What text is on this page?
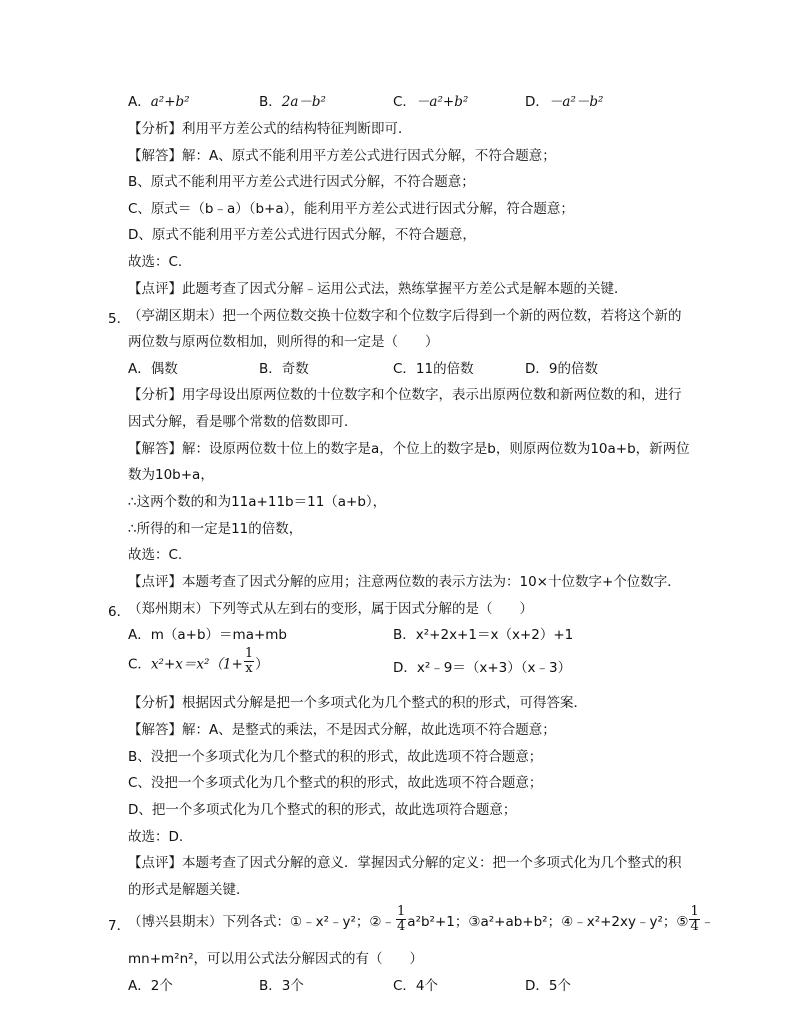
A．a²+b²	B．2a－b²	C．－a²+b²	D．－a²－b²
【分析】利用平方差公式的结构特征判断即可．
【解答】解：A、原式不能利用平方差公式进行因式分解，不符合题意；
B、原式不能利用平方差公式进行因式分解，不符合题意；
C、原式＝（b﹣a）（b+a），能利用平方差公式进行因式分解，符合题意；
D、原式不能利用平方差公式进行因式分解，不符合题意，
故选：C.
【点评】此题考查了因式分解﹣运用公式法，熟练掌握平方差公式是解本题的关键．
5．
（亭湖区期末）把一个两位数交换十位数字和个位数字后得到一个新的两位数，若将这个新的
两位数与原两位数相加，则所得的和一定是（　　）
A．偶数	B．奇数	C．11的倍数	D．9的倍数
【分析】用字母设出原两位数的十位数字和个位数字，表示出原两位数和新两位数的和，进行
因式分解，看是哪个常数的倍数即可．
【解答】解：设原两位数十位上的数字是a，个位上的数字是b，则原两位数为10a+b，新两位
数为10b+a，
∴这两个数的和为11a+11b＝11（a+b），
∴所得的和一定是11的倍数，
故选：C.
【点评】本题考查了因式分解的应用；注意两位数的表示方法为：10×十位数字+个位数字．
6．
（郑州期末）下列等式从左到右的变形，属于因式分解的是（　　）
A．m（a+b）＝ma+mb	B．x²+2x+1＝x（x+2）+1
C．$x^2+x=x^2(1+ \frac{1}{x}$ ）	D．x²﹣9＝（x+3）（x﹣3）
【分析】根据因式分解是把一个多项式化为几个整式的积的形式，可得答案．
【解答】解：A、是整式的乘法，不是因式分解，故此选项不符合题意；
B、没把一个多项式化为几个整式的积的形式，故此选项不符合题意；
C、没把一个多项式化为几个整式的积的形式，故此选项不符合题意；
D、把一个多项式化为几个整式的积的形式，故此选项符合题意；
故选：D.
【点评】本题考查了因式分解的意义．掌握因式分解的定义：把一个多项式化为几个整式的积
的形式是解题关键．
7．
（博兴县期末）下列各式：①﹣x²﹣y²；②﹣ $\frac{1}{4} a^2b^2+1$；③a²+ab+b²；④﹣x²+2xy﹣y²；⑤ $\frac{1}{4}$ ﹣
mn+m²n²，可以用公式法分解因式的有（　　）
A．2个	B．3个	C．4个	D．5个
